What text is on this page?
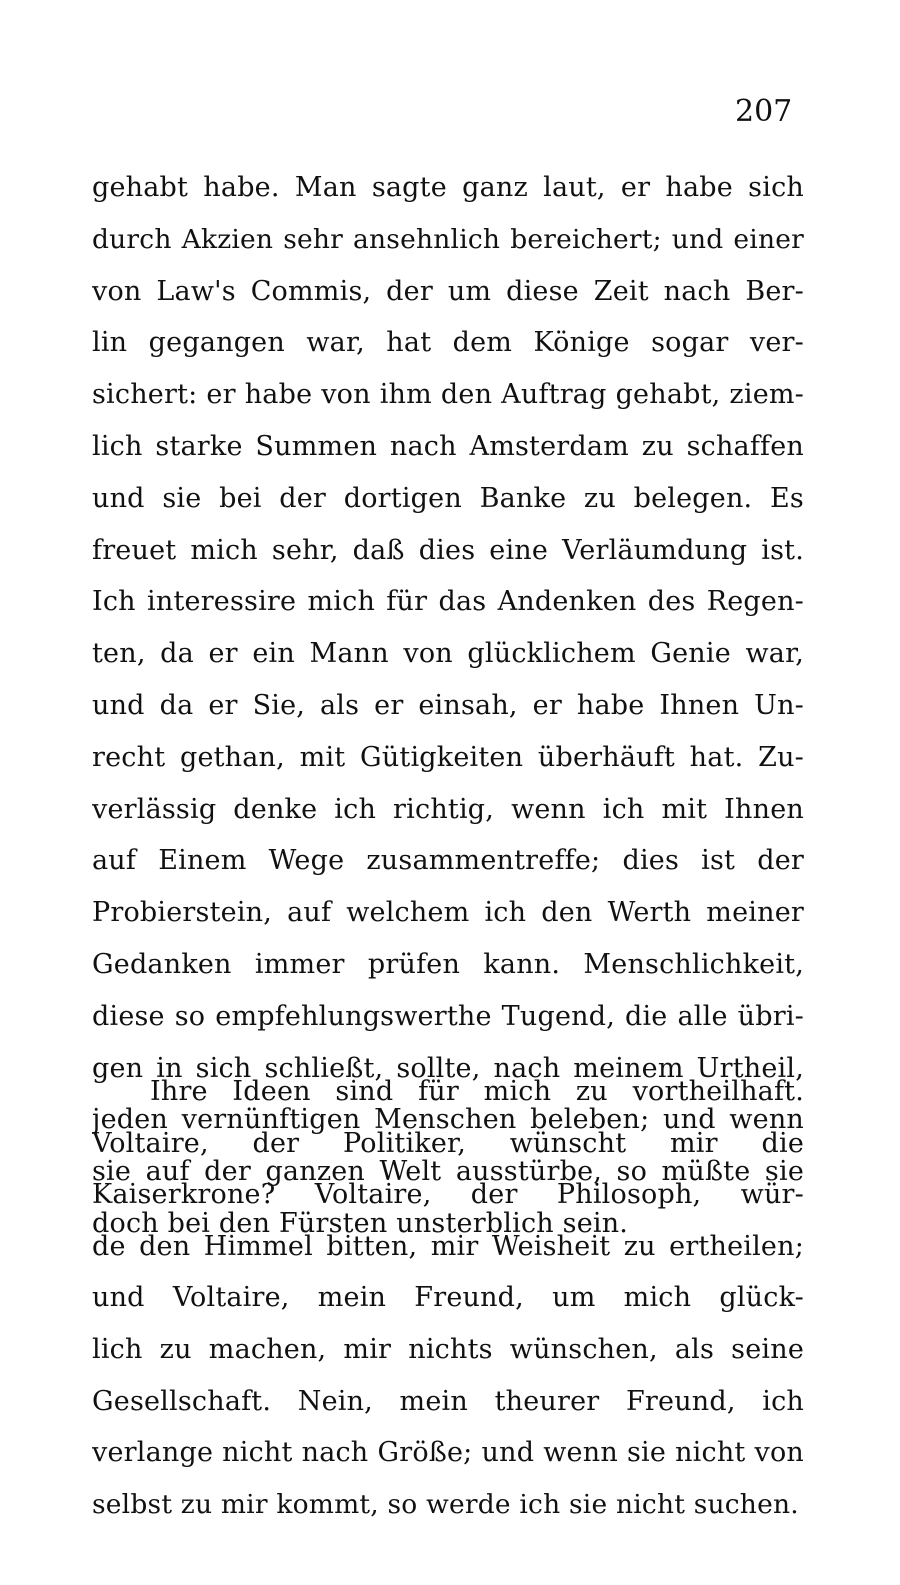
207
gehabt habe. Man sagte ganz laut, er habe sich
durch Akzien sehr ansehnlich bereichert; und einer
von Law's Commis, der um diese Zeit nach Ber-
lin gegangen war, hat dem Könige sogar ver-
sichert: er habe von ihm den Auftrag gehabt, ziem-
lich starke Summen nach Amsterdam zu schaffen
und sie bei der dortigen Banke zu belegen. Es
freuet mich sehr, daß dies eine Verläumdung ist.
Ich interessire mich für das Andenken des Regen-
ten, da er ein Mann von glücklichem Genie war,
und da er Sie, als er einsah, er habe Ihnen Un-
recht gethan, mit Gütigkeiten überhäuft hat. Zu-
verlässig denke ich richtig, wenn ich mit Ihnen
auf Einem Wege zusammentreffe; dies ist der
Probierstein, auf welchem ich den Werth meiner
Gedanken immer prüfen kann. Menschlichkeit,
diese so empfehlungswerthe Tugend, die alle übri-
gen in sich schließt, sollte, nach meinem Urtheil,
jeden vernünftigen Menschen beleben; und wenn
sie auf der ganzen Welt ausstürbe, so müßte sie
doch bei den Fürsten unsterblich sein.
Ihre Ideen sind für mich zu vortheilhaft.
Voltaire, der Politiker, wünscht mir die
Kaiserkrone? Voltaire, der Philosoph, wür-
de den Himmel bitten, mir Weisheit zu ertheilen;
und Voltaire, mein Freund, um mich glück-
lich zu machen, mir nichts wünschen, als seine
Gesellschaft. Nein, mein theurer Freund, ich
verlange nicht nach Größe; und wenn sie nicht von
selbst zu mir kommt, so werde ich sie nicht suchen.
